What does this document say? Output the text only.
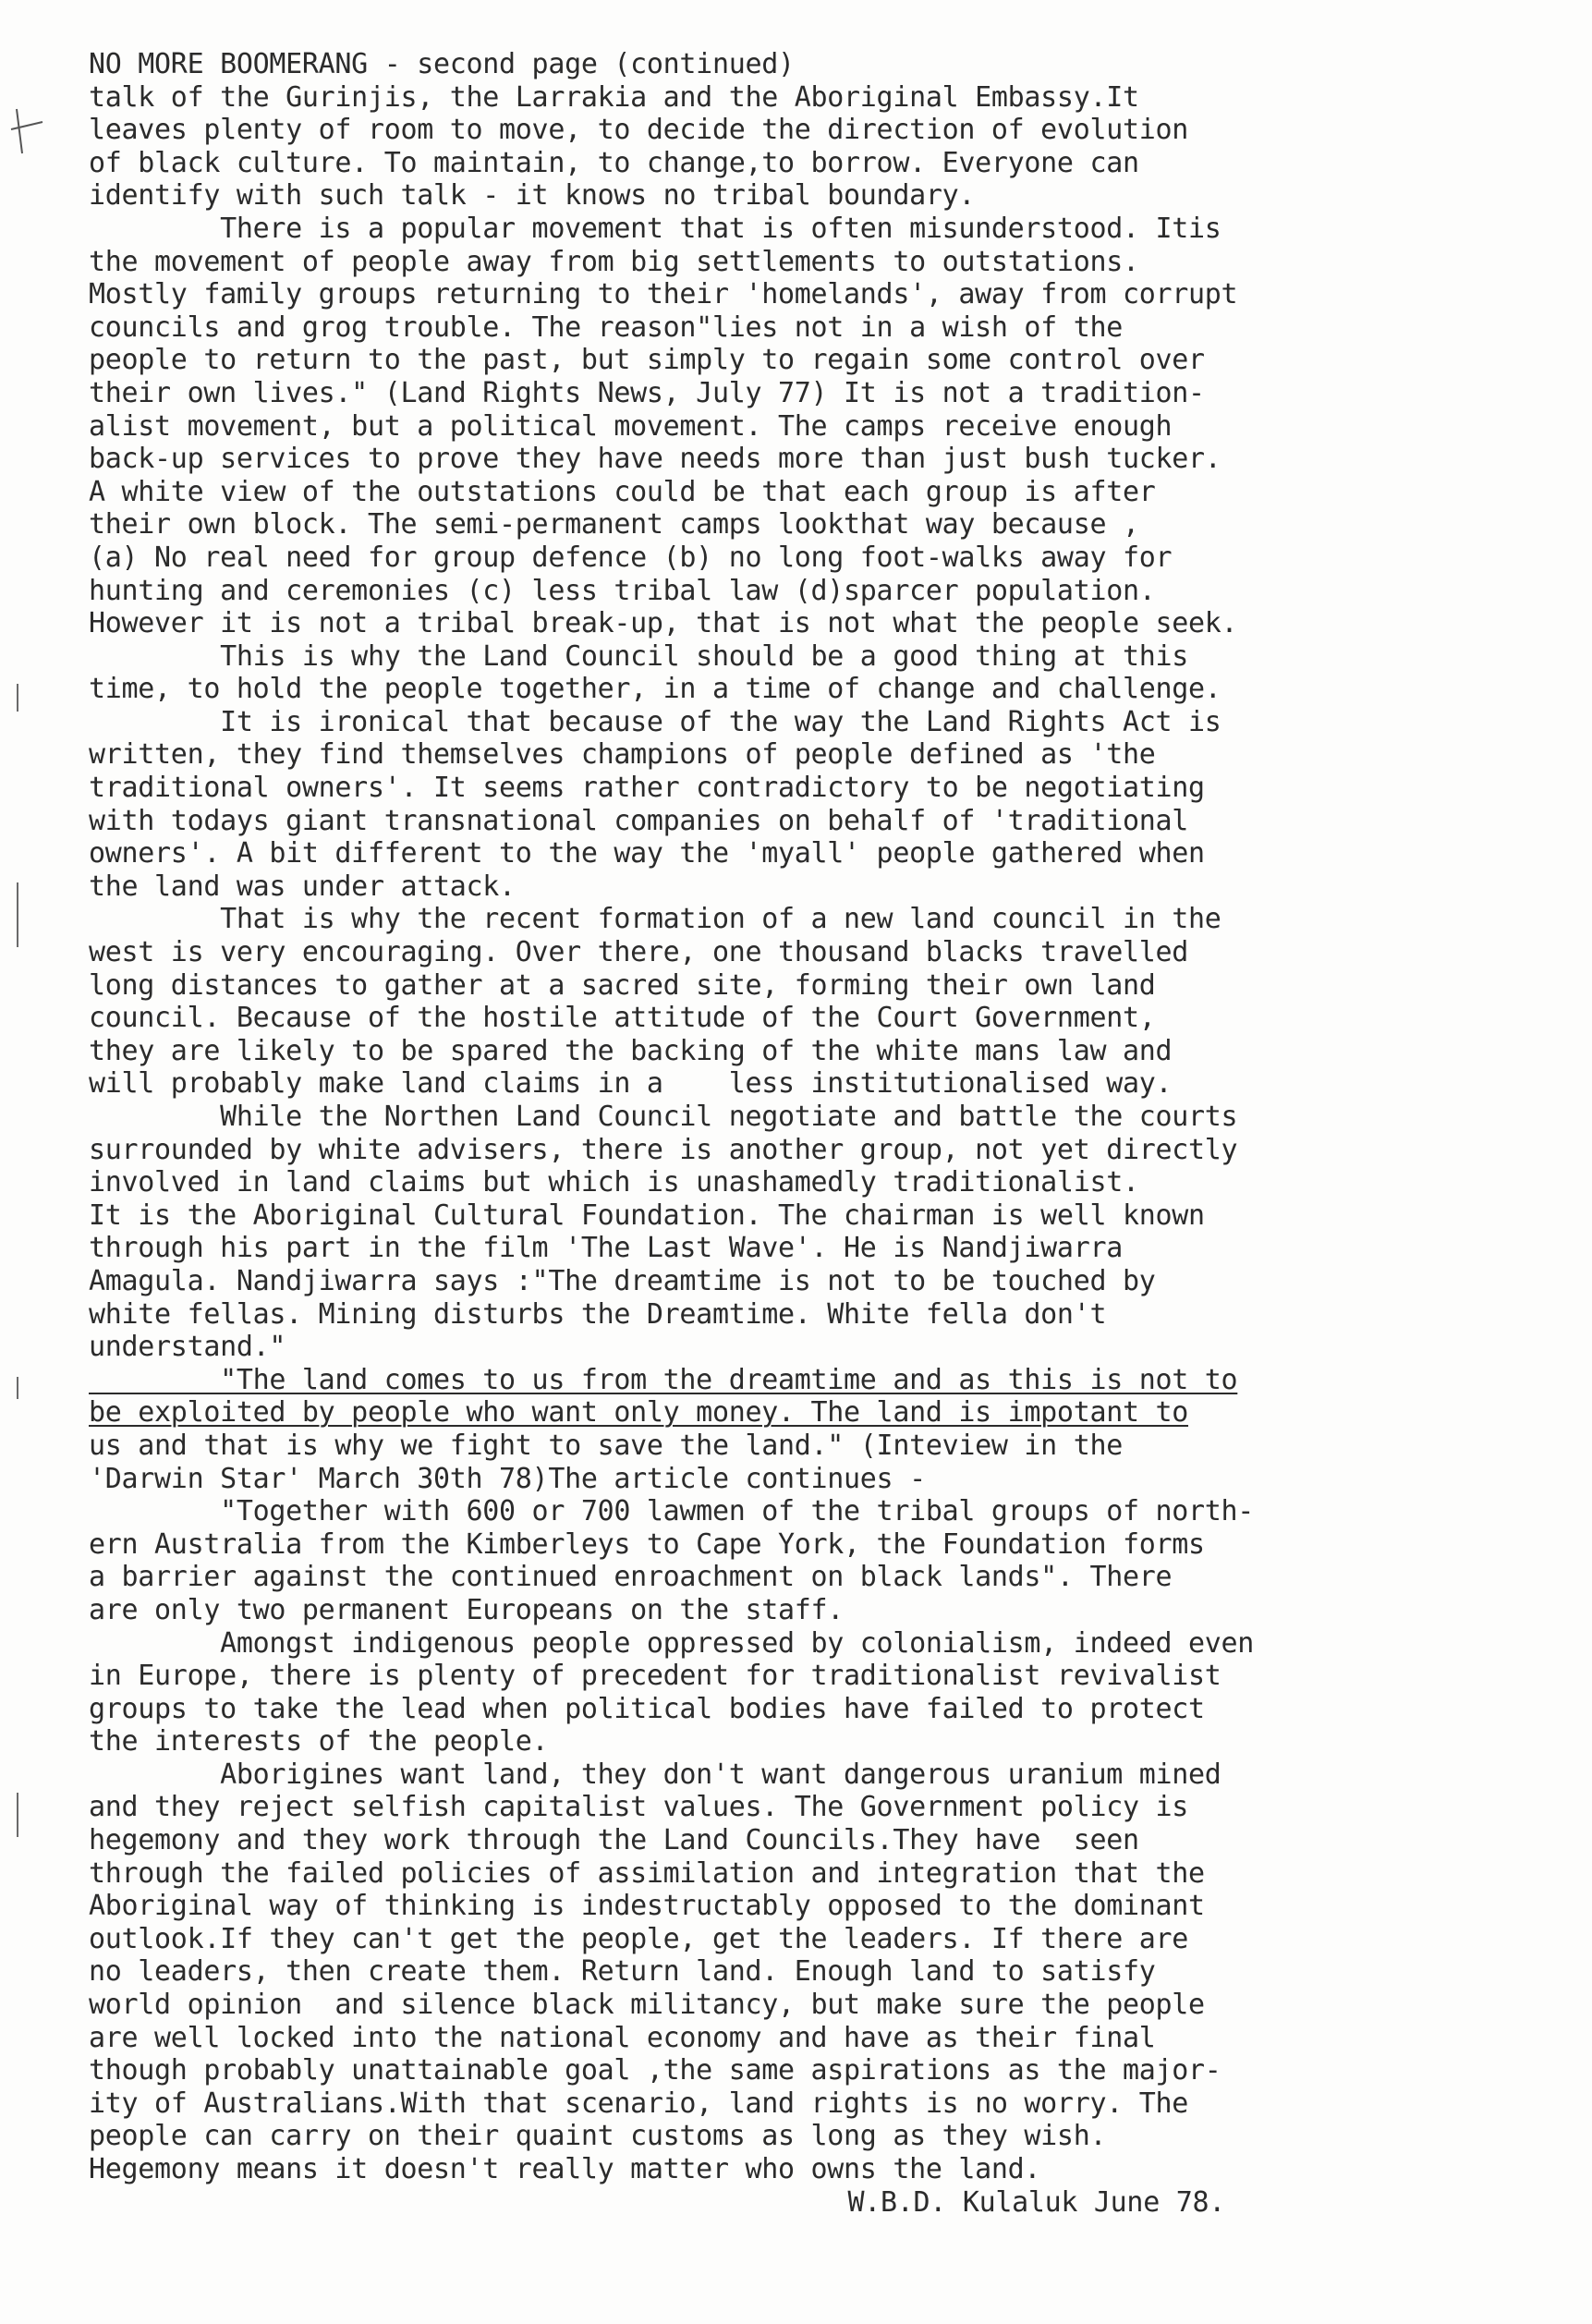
NO MORE BOOMERANG - second page (continued)
talk of the Gurinjis, the Larrakia and the Aboriginal Embassy.It
leaves plenty of room to move, to decide the direction of evolution
of black culture. To maintain, to change,to borrow. Everyone can
identify with such talk - it knows no tribal boundary.
There is a popular movement that is often misunderstood. Itis
the movement of people away from big settlements to outstations.
Mostly family groups returning to their 'homelands', away from corrupt
councils and grog trouble. The reason"lies not in a wish of the
people to return to the past, but simply to regain some control over
their own lives." (Land Rights News, July 77) It is not a tradition-
alist movement, but a political movement. The camps receive enough
back-up services to prove they have needs more than just bush tucker.
A white view of the outstations could be that each group is after
their own block. The semi-permanent camps lookthat way because ,
(a) No real need for group defence (b) no long foot-walks away for
hunting and ceremonies (c) less tribal law (d)sparcer population.
However it is not a tribal break-up, that is not what the people seek.
This is why the Land Council should be a good thing at this
time, to hold the people together, in a time of change and challenge.
It is ironical that because of the way the Land Rights Act is
written, they find themselves champions of people defined as 'the
traditional owners'. It seems rather contradictory to be negotiating
with todays giant transnational companies on behalf of 'traditional
owners'. A bit different to the way the 'myall' people gathered when
the land was under attack.
That is why the recent formation of a new land council in the
west is very encouraging. Over there, one thousand blacks travelled
long distances to gather at a sacred site, forming their own land
council. Because of the hostile attitude of the Court Government,
they are likely to be spared the backing of the white mans law and
will probably make land claims in a    less institutionalised way.
While the Northen Land Council negotiate and battle the courts
surrounded by white advisers, there is another group, not yet directly
involved in land claims but which is unashamedly traditionalist.
It is the Aboriginal Cultural Foundation. The chairman is well known
through his part in the film 'The Last Wave'. He is Nandjiwarra
Amagula. Nandjiwarra says :"The dreamtime is not to be touched by
white fellas. Mining disturbs the Dreamtime. White fella don't
understand."
"The land comes to us from the dreamtime and as this is not to
be exploited by people who want only money. The land is impotant to
us and that is why we fight to save the land." (Inteview in the
'Darwin Star' March 30th 78)The article continues -
"Together with 600 or 700 lawmen of the tribal groups of north-
ern Australia from the Kimberleys to Cape York, the Foundation forms
a barrier against the continued enroachment on black lands". There
are only two permanent Europeans on the staff.
Amongst indigenous people oppressed by colonialism, indeed even
in Europe, there is plenty of precedent for traditionalist revivalist
groups to take the lead when political bodies have failed to protect
the interests of the people.
Aborigines want land, they don't want dangerous uranium mined
and they reject selfish capitalist values. The Government policy is
hegemony and they work through the Land Councils.They have  seen
through the failed policies of assimilation and integration that the
Aboriginal way of thinking is indestructably opposed to the dominant
outlook.If they can't get the people, get the leaders. If there are
no leaders, then create them. Return land. Enough land to satisfy
world opinion  and silence black militancy, but make sure the people
are well locked into the national economy and have as their final
though probably unattainable goal ,the same aspirations as the major-
ity of Australians.With that scenario, land rights is no worry. The
people can carry on their quaint customs as long as they wish.
Hegemony means it doesn't really matter who owns the land.
W.B.D. Kulaluk June 78.
